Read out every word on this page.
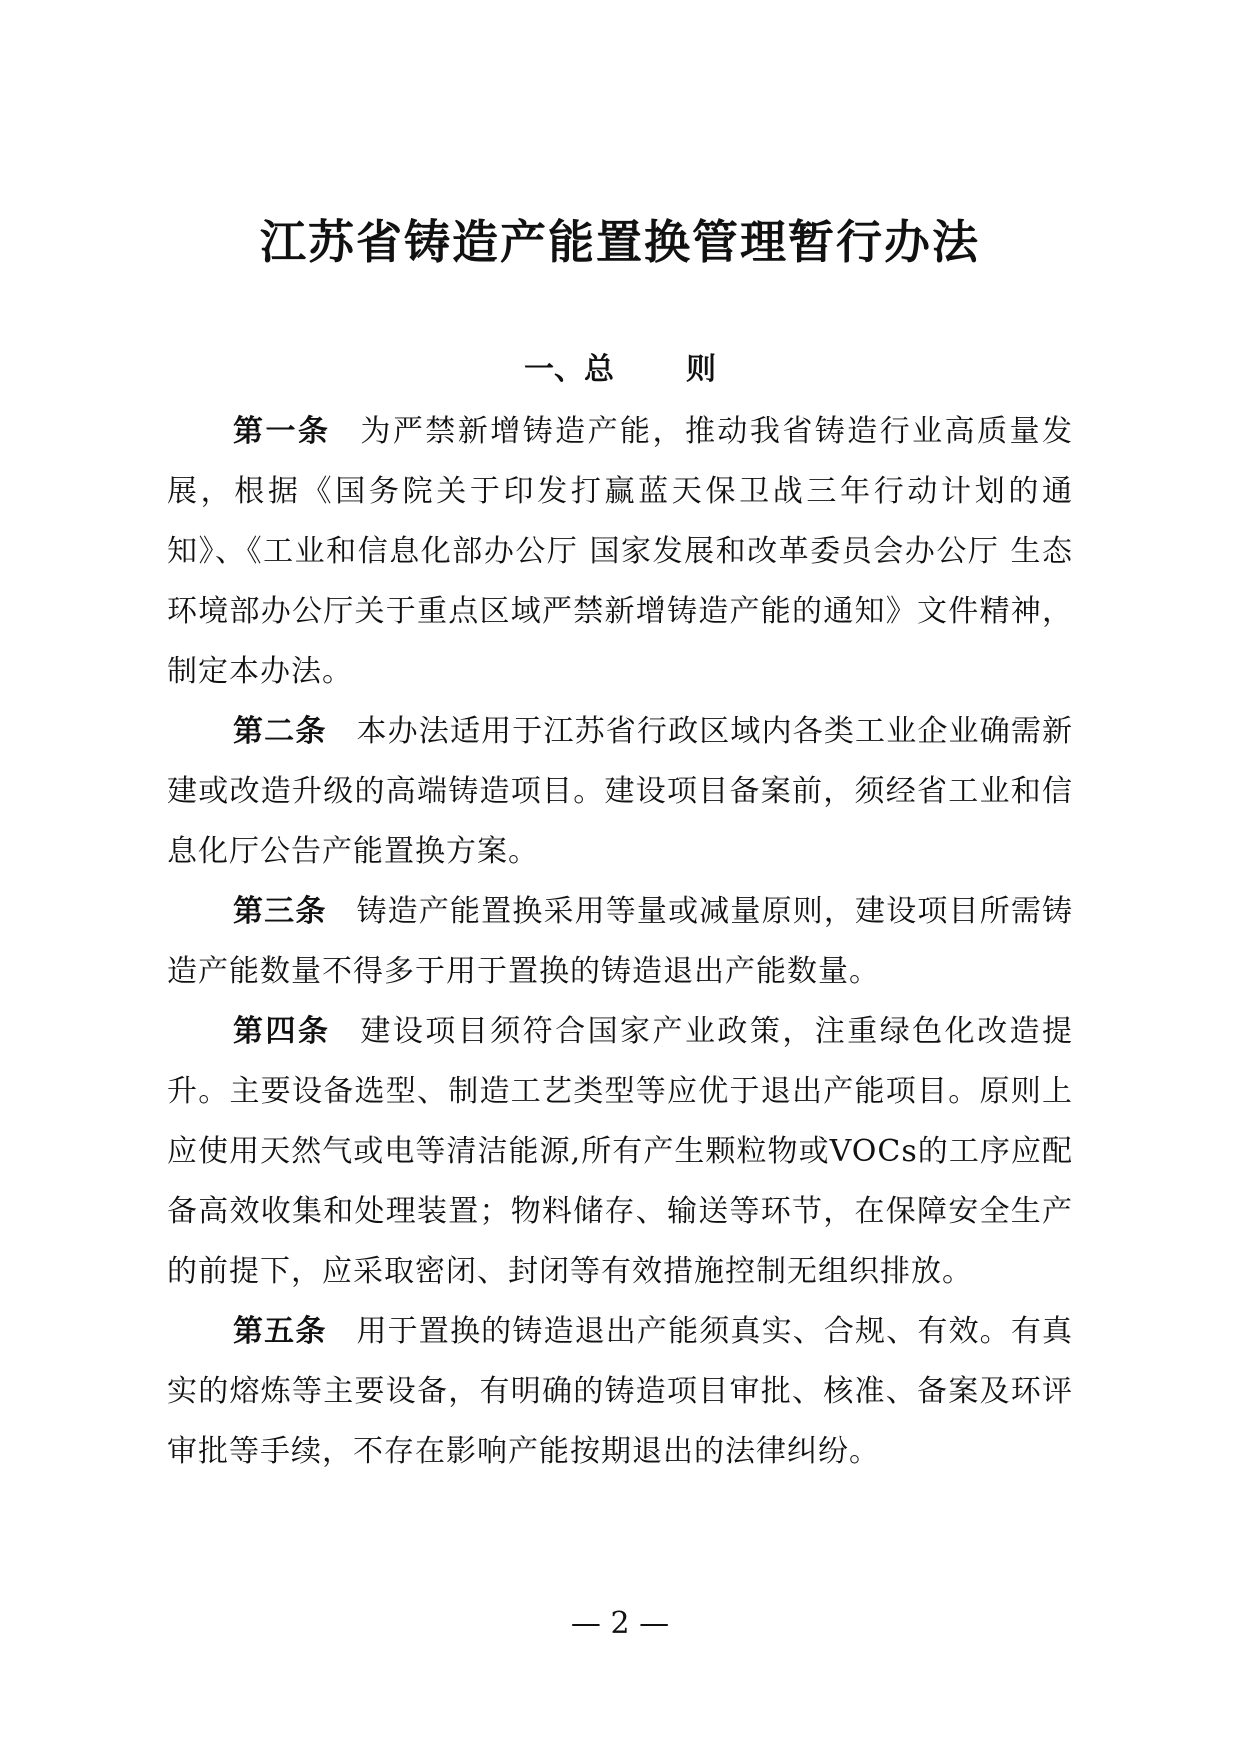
江苏省铸造产能置换管理暂行办法
一、总 则

第一条 为严禁新增铸造产能，推动我省铸造行业高质量发展，根据《国务院关于印发打赢蓝天保卫战三年行动计划的通知》、《工业和信息化部办公厅 国家发展和改革委员会办公厅 生态环境部办公厅关于重点区域严禁新增铸造产能的通知》文件精神，制定本办法。

第二条 本办法适用于江苏省行政区域内各类工业企业确需新建或改造升级的高端铸造项目。建设项目备案前，须经省工业和信息化厅公告产能置换方案。

第三条 铸造产能置换采用等量或减量原则，建设项目所需铸造产能数量不得多于用于置换的铸造退出产能数量。

第四条 建设项目须符合国家产业政策，注重绿色化改造提升。主要设备选型、制造工艺类型等应优于退出产能项目。原则上应使用天然气或电等清洁能源,所有产生颗粒物或VOCs的工序应配备高效收集和处理装置；物料储存、输送等环节，在保障安全生产的前提下，应采取密闭、封闭等有效措施控制无组织排放。

第五条 用于置换的铸造退出产能须真实、合规、有效。有真实的熔炼等主要设备，有明确的铸造项目审批、核准、备案及环评审批等手续，不存在影响产能按期退出的法律纠纷。

— 2 —
